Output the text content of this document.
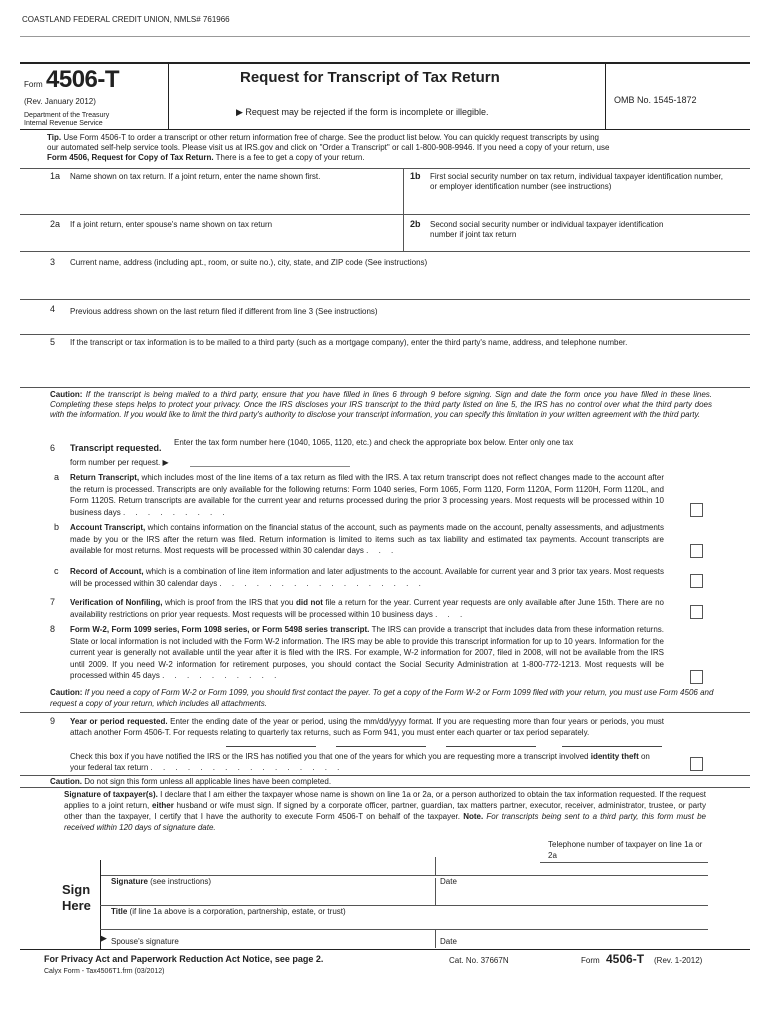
COASTLAND FEDERAL CREDIT UNION, NMLS# 761966
Form 4506-T
(Rev. January 2012)
Department of the Treasury
Internal Revenue Service
Request for Transcript of Tax Return
▶ Request may be rejected if the form is incomplete or illegible.
OMB No. 1545-1872
Tip. Use Form 4506-T to order a transcript or other return information free of charge. See the product list below. You can quickly request transcripts by using
our automated self-help service tools. Please visit us at IRS.gov and click on "Order a Transcript" or call 1-800-908-9946. If you need a copy of your return, use
Form 4506, Request for Copy of Tax Return. There is a fee to get a copy of your return.
1a Name shown on tax return. If a joint return, enter the name shown first.	1b First social security number on tax return, individual taxpayer identification number, or employer identification number (see instructions)
2a If a joint return, enter spouse's name shown on tax return	2b Second social security number or individual taxpayer identification number if joint tax return
3 Current name, address (including apt., room, or suite no.), city, state, and ZIP code (See instructions)
4 Previous address shown on the last return filed if different from line 3 (See instructions)
5 If the transcript or tax information is to be mailed to a third party (such as a mortgage company), enter the third party's name, address, and telephone number.
Caution: If the transcript is being mailed to a third party, ensure that you have filled in lines 6 through 9 before signing. Sign and date the form once you have filled in these lines. Completing these steps helps to protect your privacy. Once the IRS discloses your IRS transcript to the third party listed on line 5, the IRS has no control over what the third party does with the information. If you would like to limit the third party's authority to disclose your transcript information, you can specify this limitation in your written agreement with the third party.
6 Transcript requested.
Enter the tax form number here (1040, 1065, 1120, etc.) and check the appropriate box below. Enter only one tax
form number per request. ▶
a Return Transcript, which includes most of the line items of a tax return as filed with the IRS. A tax return transcript does not reflect changes made to the account after the return is processed. Transcripts are only available for the following returns: Form 1040 series, Form 1065, Form 1120, Form 1120A, Form 1120H, Form 1120L, and Form 1120S. Return transcripts are available for the current year and returns processed during the prior 3 processing years. Most requests will be processed within 10 business days . . . . . . . . .
b Account Transcript, which contains information on the financial status of the account, such as payments made on the account, penalty assessments, and adjustments made by you or the IRS after the return was filed. Return information is limited to items such as tax liability and estimated tax payments. Account transcripts are available for most returns. Most requests will be processed within 30 calendar days . . .
c Record of Account, which is a combination of line item information and later adjustments to the account. Available for current year and 3 prior tax years. Most requests will be processed within 30 calendar days . . . . . . . . . . . . . . . . .
7 Verification of Nonfiling, which is proof from the IRS that you did not file a return for the year. Current year requests are only available after June 15th. There are no availability restrictions on prior year requests. Most requests will be processed within 10 business days . . .
8 Form W-2, Form 1099 series, Form 1098 series, or Form 5498 series transcript. The IRS can provide a transcript that includes data from these information returns. State or local information is not included with the Form W-2 information. The IRS may be able to provide this transcript information for up to 10 years. Information for the current year is generally not available until the year after it is filed with the IRS. For example, W-2 information for 2007, filed in 2008, will not be available from the IRS until 2009. If you need W-2 information for retirement purposes, you should contact the Social Security Administration at 1-800-772-1213. Most requests will be processed within 45 days . . . . . . . . . .
Caution: If you need a copy of Form W-2 or Form 1099, you should first contact the payer. To get a copy of the Form W-2 or Form 1099 filed with your return, you must use Form 4506 and request a copy of your return, which includes all attachments.
9 Year or period requested. Enter the ending date of the year or period, using the mm/dd/yyyy format. If you are requesting more than four years or periods, you must attach another Form 4506-T. For requests relating to quarterly tax returns, such as Form 941, you must enter each quarter or tax period separately.
Check this box if you have notified the IRS or the IRS has notified you that one of the years for which you are requesting more a transcript involved identity theft on your federal tax return . . . . . . . . . . . . . . . .
Caution. Do not sign this form unless all applicable lines have been completed.
Signature of taxpayer(s). I declare that I am either the taxpayer whose name is shown on line 1a or 2a, or a person authorized to obtain the tax information requested. If the request applies to a joint return, either husband or wife must sign. If signed by a corporate officer, partner, guardian, tax matters partner, executor, receiver, administrator, trustee, or party other than the taxpayer, I certify that I have the authority to execute Form 4506-T on behalf of the taxpayer. Note. For transcripts being sent to a third party, this form must be received within 120 days of signature date.
Telephone number of taxpayer on line 1a or 2a
Sign Here
Signature (see instructions)	Date
Title (if line 1a above is a corporation, partnership, estate, or trust)
▶ Spouse's signature	Date
For Privacy Act and Paperwork Reduction Act Notice, see page 2.	Cat. No. 37667N	Form 4506-T (Rev. 1-2012)
Calyx Form - Tax4506T1.frm (03/2012)
